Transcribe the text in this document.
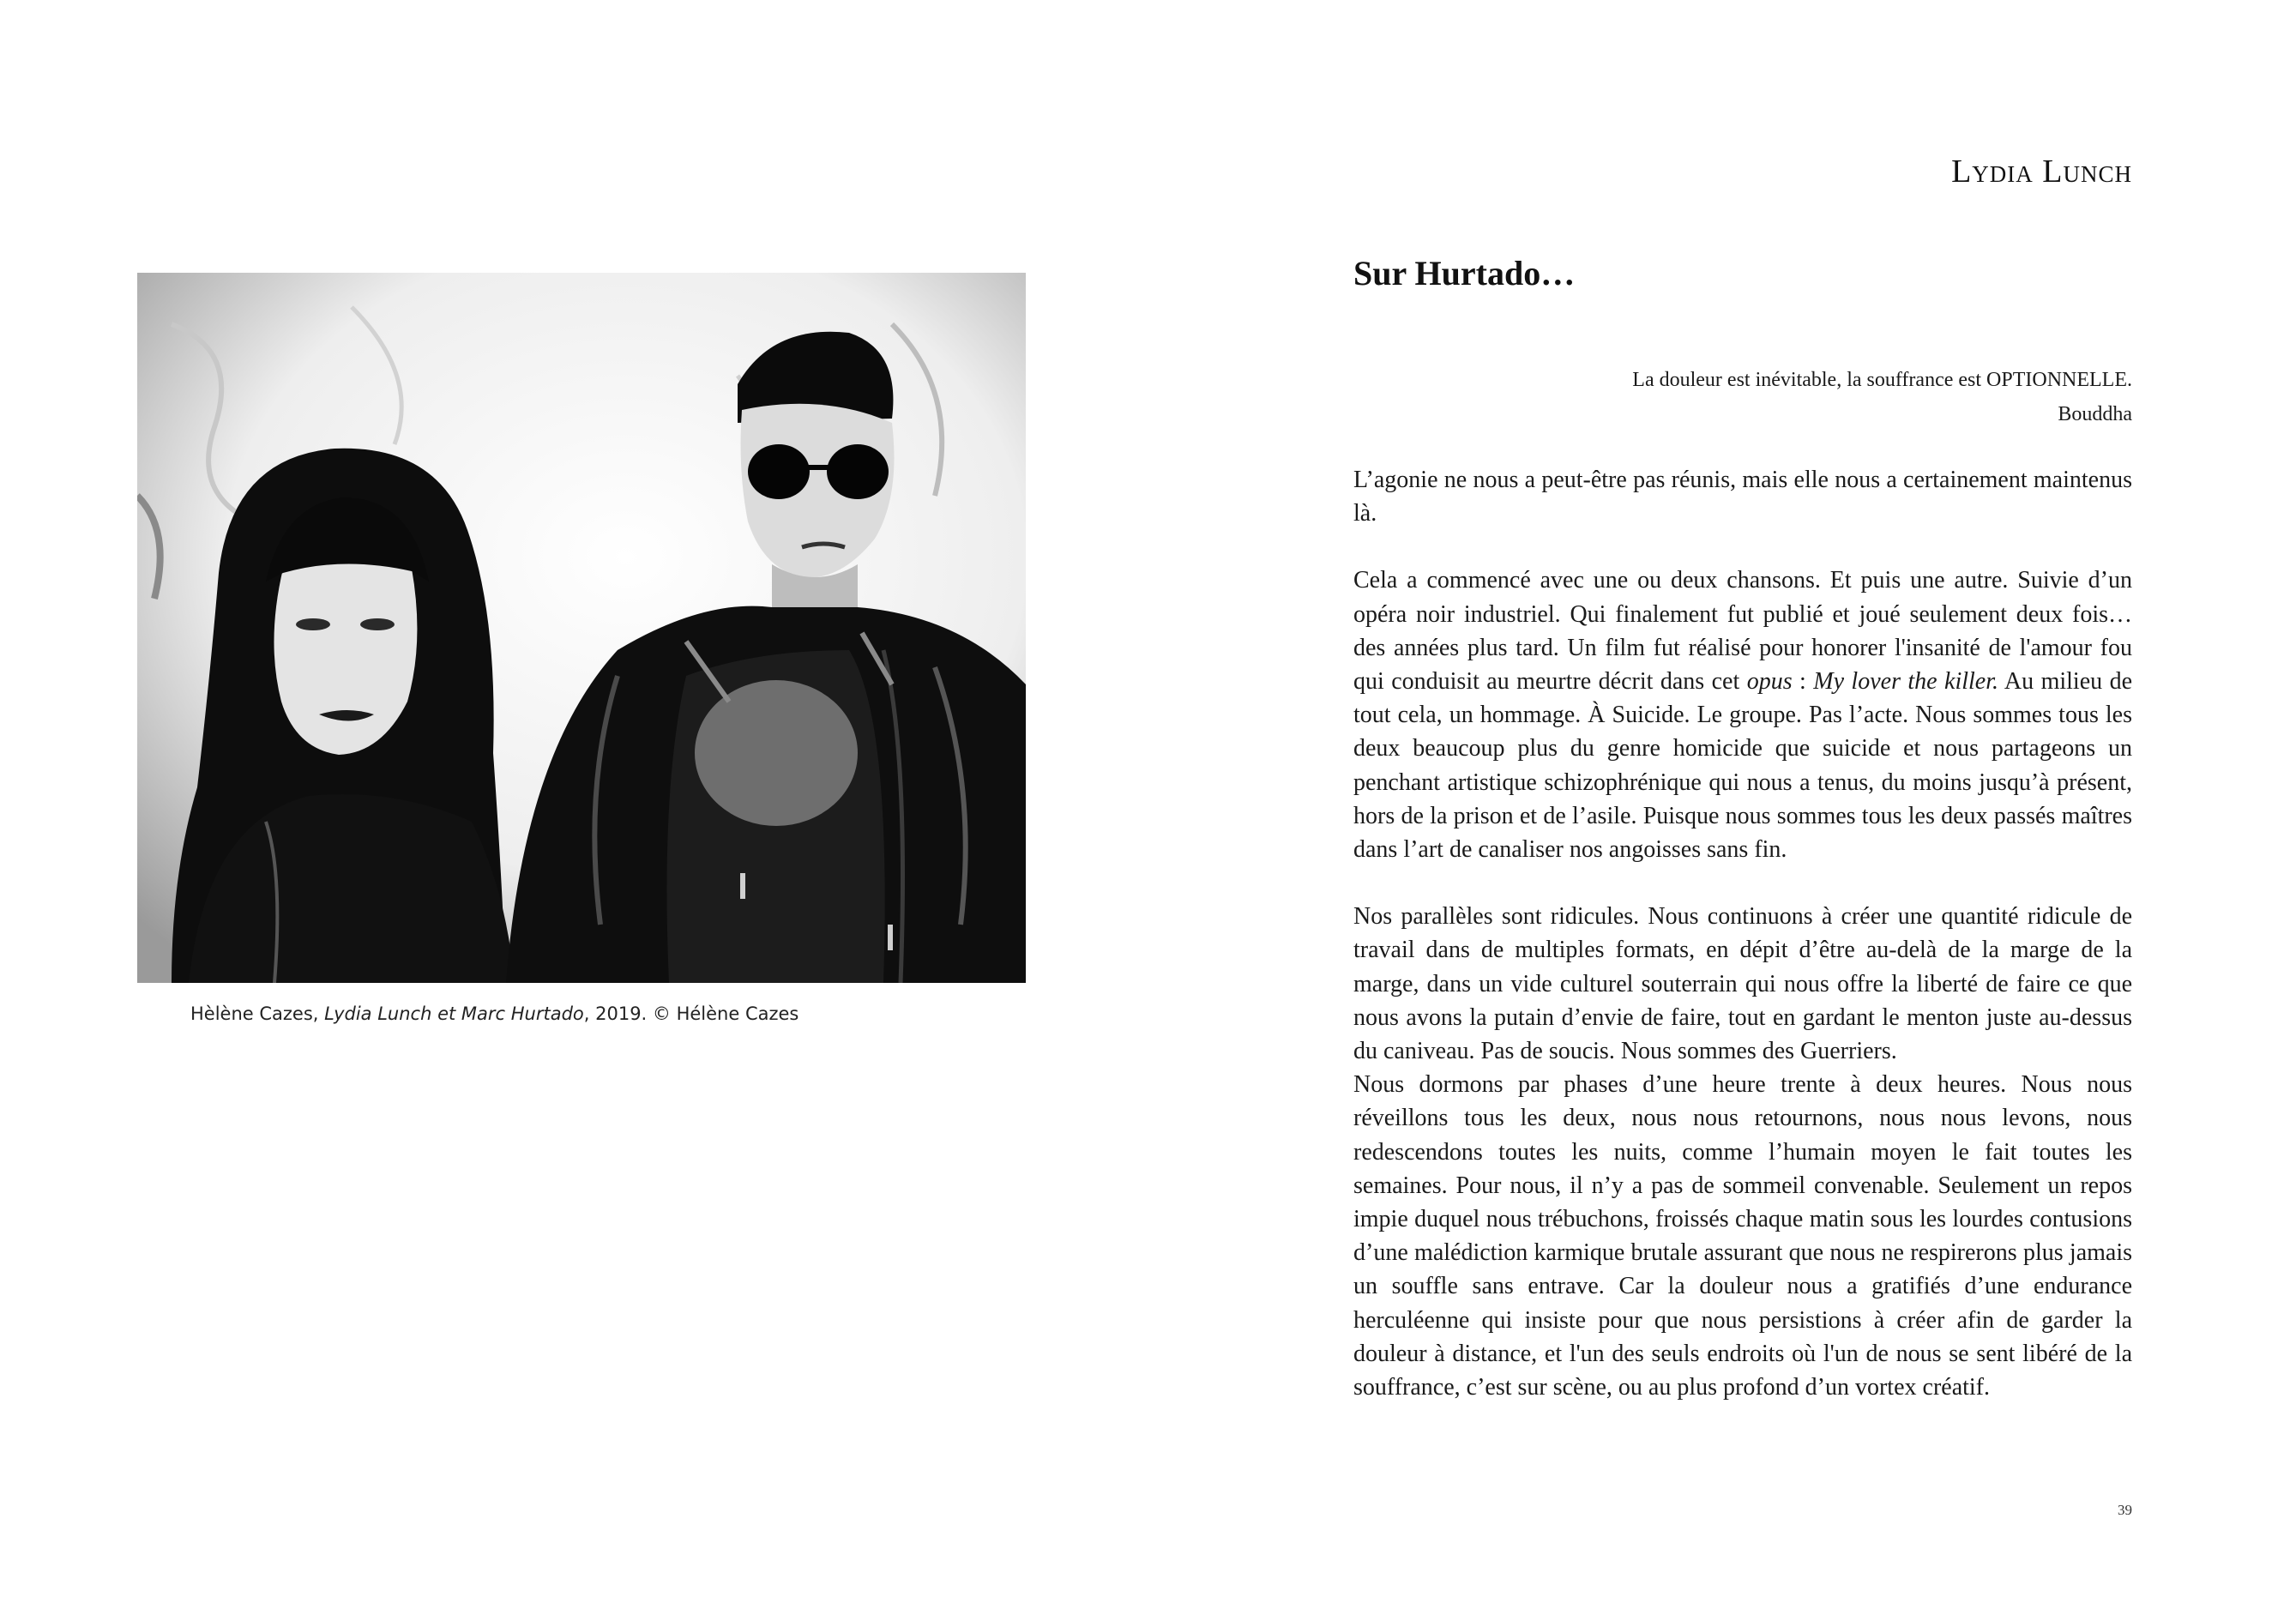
Hèlène Cazes, Lydia Lunch et Marc Hurtado, 2019. © Hélène Cazes
Lydia Lunch
Sur Hurtado…
La douleur est inévitable, la souffrance est OPTIONNELLE.
Bouddha

L’agonie ne nous a peut-être pas réunis, mais elle nous a certainement maintenus là.

Cela a commencé avec une ou deux chansons. Et puis une autre. Suivie d’un opéra noir industriel. Qui finalement fut publié et joué seulement deux fois… des années plus tard. Un film fut réalisé pour honorer l'insanité de l'amour fou qui conduisit au meurtre décrit dans cet opus : My lover the killer. Au milieu de tout cela, un hommage. À Suicide. Le groupe. Pas l’acte. Nous sommes tous les deux beaucoup plus du genre homicide que suicide et nous partageons un penchant artistique schizophrénique qui nous a tenus, du moins jusqu’à présent, hors de la prison et de l’asile. Puisque nous sommes tous les deux passés maîtres dans l’art de canaliser nos angoisses sans fin.

Nos parallèles sont ridicules. Nous continuons à créer une quantité ridicule de travail dans de multiples formats, en dépit d’être au-delà de la marge de la marge, dans un vide culturel souterrain qui nous offre la liberté de faire ce que nous avons la putain d’envie de faire, tout en gardant le menton juste au-dessus du caniveau. Pas de soucis. Nous sommes des Guerriers.

Nous dormons par phases d’une heure trente à deux heures. Nous nous réveillons tous les deux, nous nous retournons, nous nous levons, nous redescendons toutes les nuits, comme l’humain moyen le fait toutes les semaines. Pour nous, il n’y a pas de sommeil convenable. Seulement un repos impie duquel nous trébuchons, froissés chaque matin sous les lourdes contusions d’une malédiction karmique brutale assurant que nous ne respirerons plus jamais un souffle sans entrave. Car la douleur nous a gratifiés d’une endurance herculéenne qui insiste pour que nous persistions à créer afin de garder la douleur à distance, et l'un des seuls endroits où l'un de nous se sent libéré de la souffrance, c’est sur scène, ou au plus profond d’un vortex créatif.

39
